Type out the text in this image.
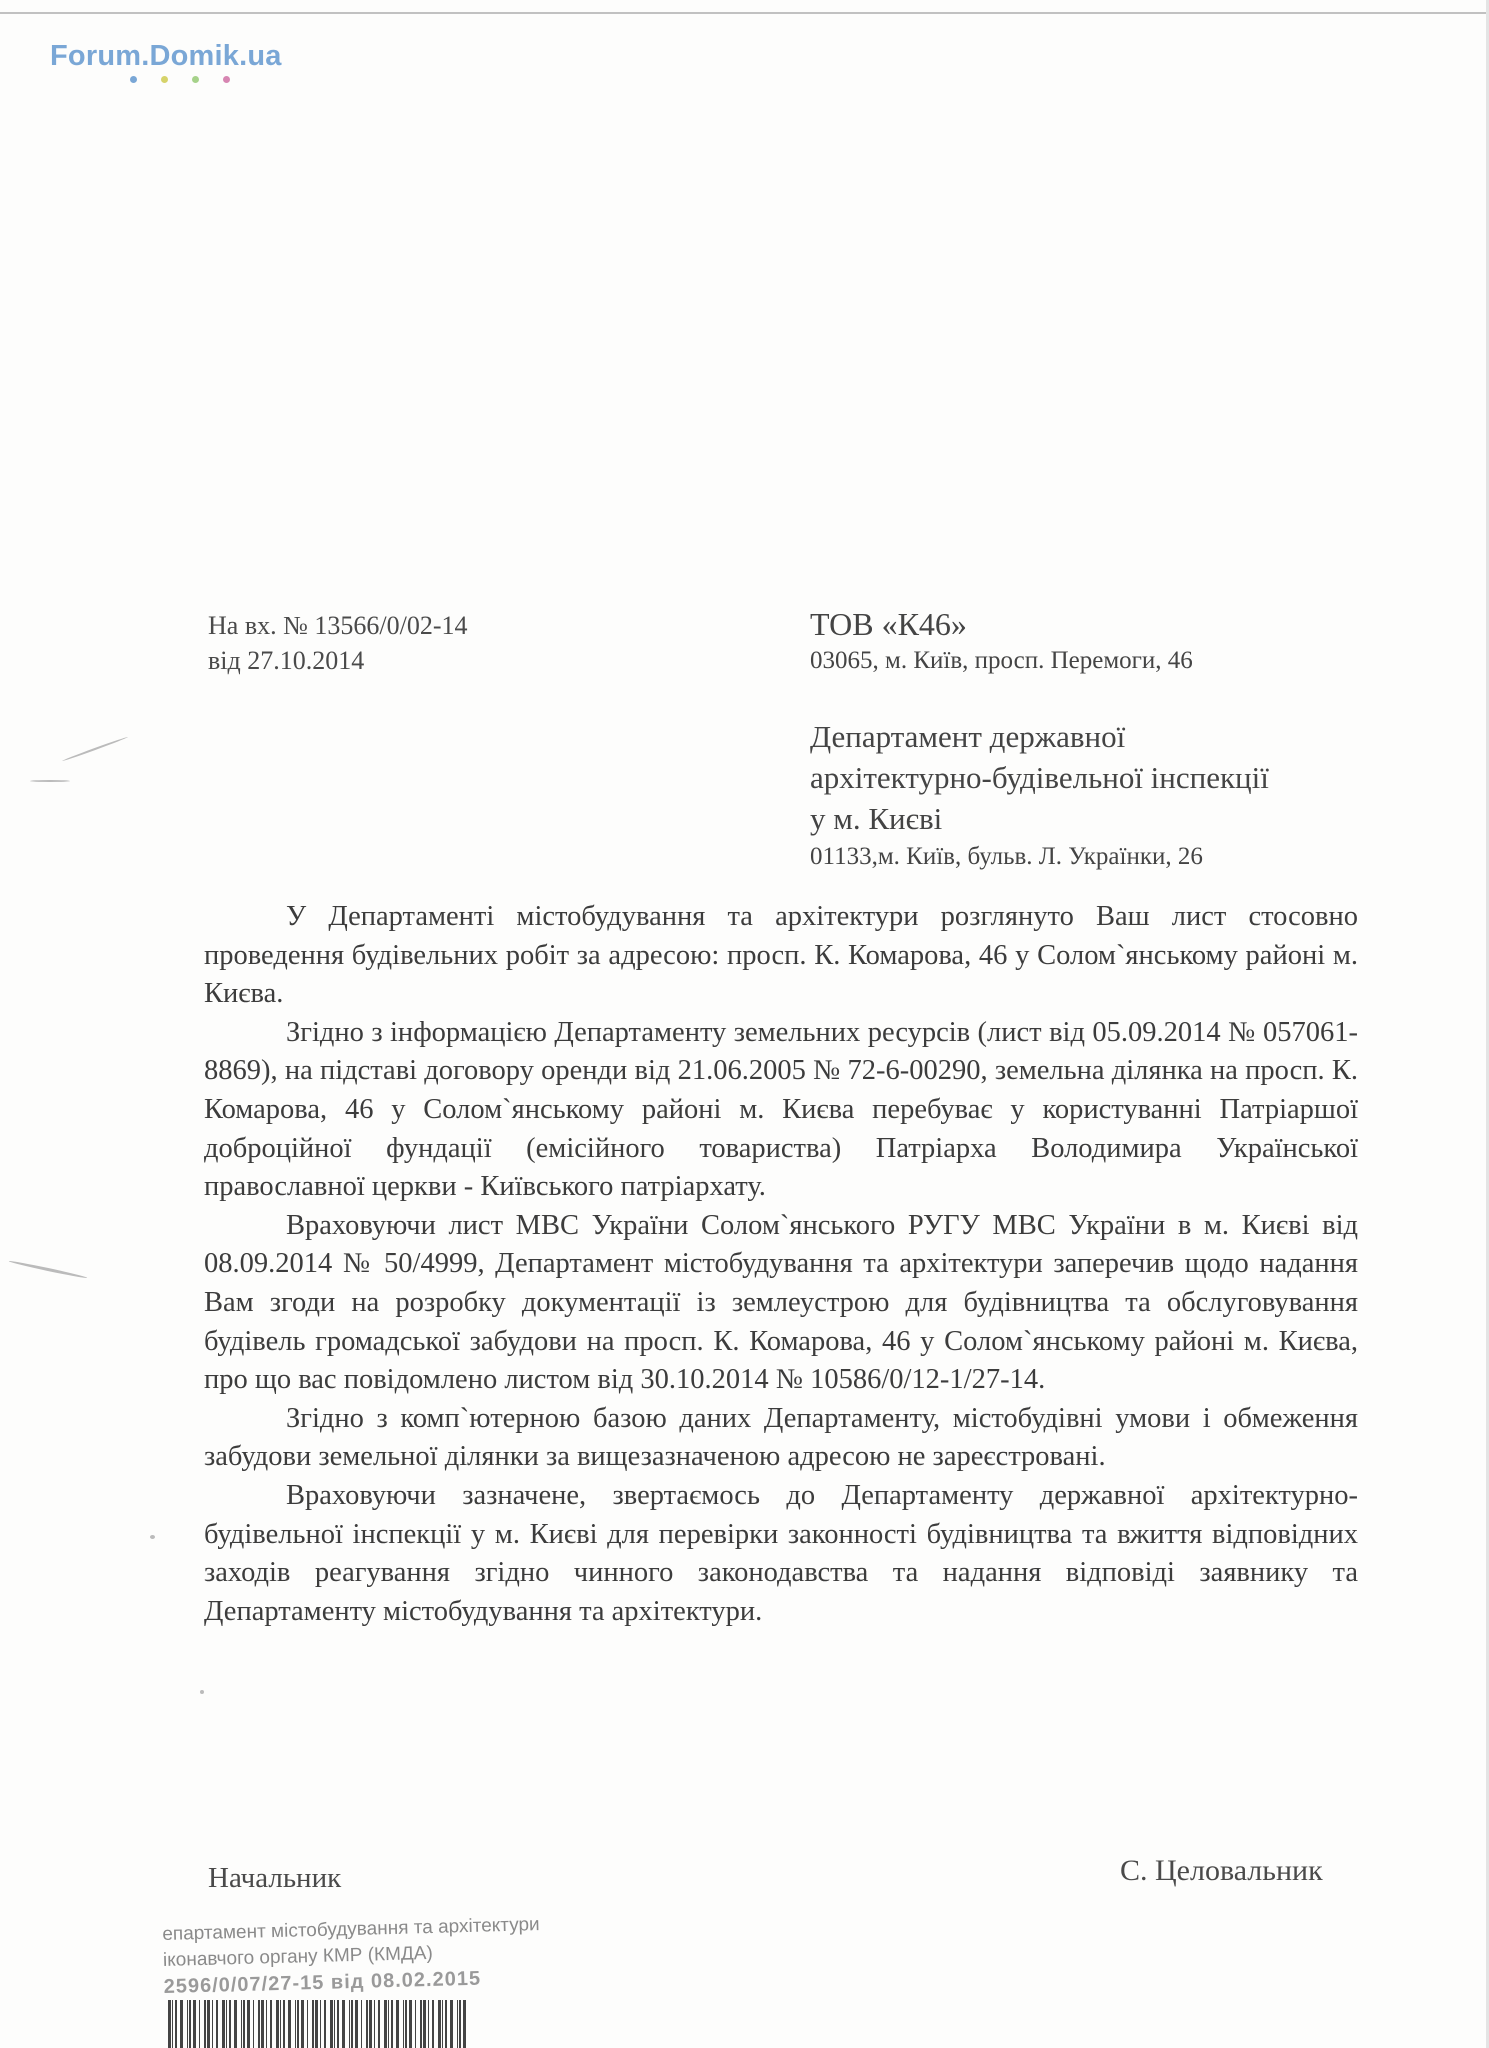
Forum.Domik.ua
На вх. № 13566/0/02-14
від 27.10.2014
ТОВ «К46»
03065, м. Київ, просп. Перемоги, 46
Департамент державної
архітектурно-будівельної інспекції
у м. Києві
01133,м. Київ, бульв. Л. Українки, 26

У Департаменті містобудування та архітектури розглянуто Ваш лист стосовно проведення будівельних робіт за адресою: просп. К. Комарова, 46 у Солом`янському районі м. Києва.

Згідно з інформацією Департаменту земельних ресурсів (лист від 05.09.2014 № 057061-8869), на підставі договору оренди від 21.06.2005 № 72-6-00290, земельна ділянка на просп. К. Комарова, 46 у Солом`янському районі м. Києва перебуває у користуванні Патріаршої доброційної фундації (емісійного товариства) Патріарха Володимира Української православної церкви - Київського патріархату.

Враховуючи лист МВС України Солом`янського РУГУ МВС України в м. Києві від 08.09.2014 № 50/4999, Департамент містобудування та архітектури заперечив щодо надання Вам згоди на розробку документації із землеустрою для будівництва та обслуговування будівель громадської забудови на просп. К. Комарова, 46 у Солом`янському районі м. Києва, про що вас повідомлено листом від 30.10.2014 № 10586/0/12-1/27-14.

Згідно з комп`ютерною базою даних Департаменту, містобудівні умови і обмеження забудови земельної ділянки за вищезазначеною адресою не зареєстровані.

Враховуючи зазначене, звертаємось до Департаменту державної архітектурно-будівельної інспекції у м. Києві для перевірки законності будівництва та вжиття відповідних заходів реагування згідно чинного законодавства та надання відповіді заявнику та Департаменту містобудування та архітектури.

Начальник	С. Целовальник
епартамент містобудування та архітектури
іконавчого органу КМР (КМДА)
2596/0/07/27-15 від 08.02.2015
